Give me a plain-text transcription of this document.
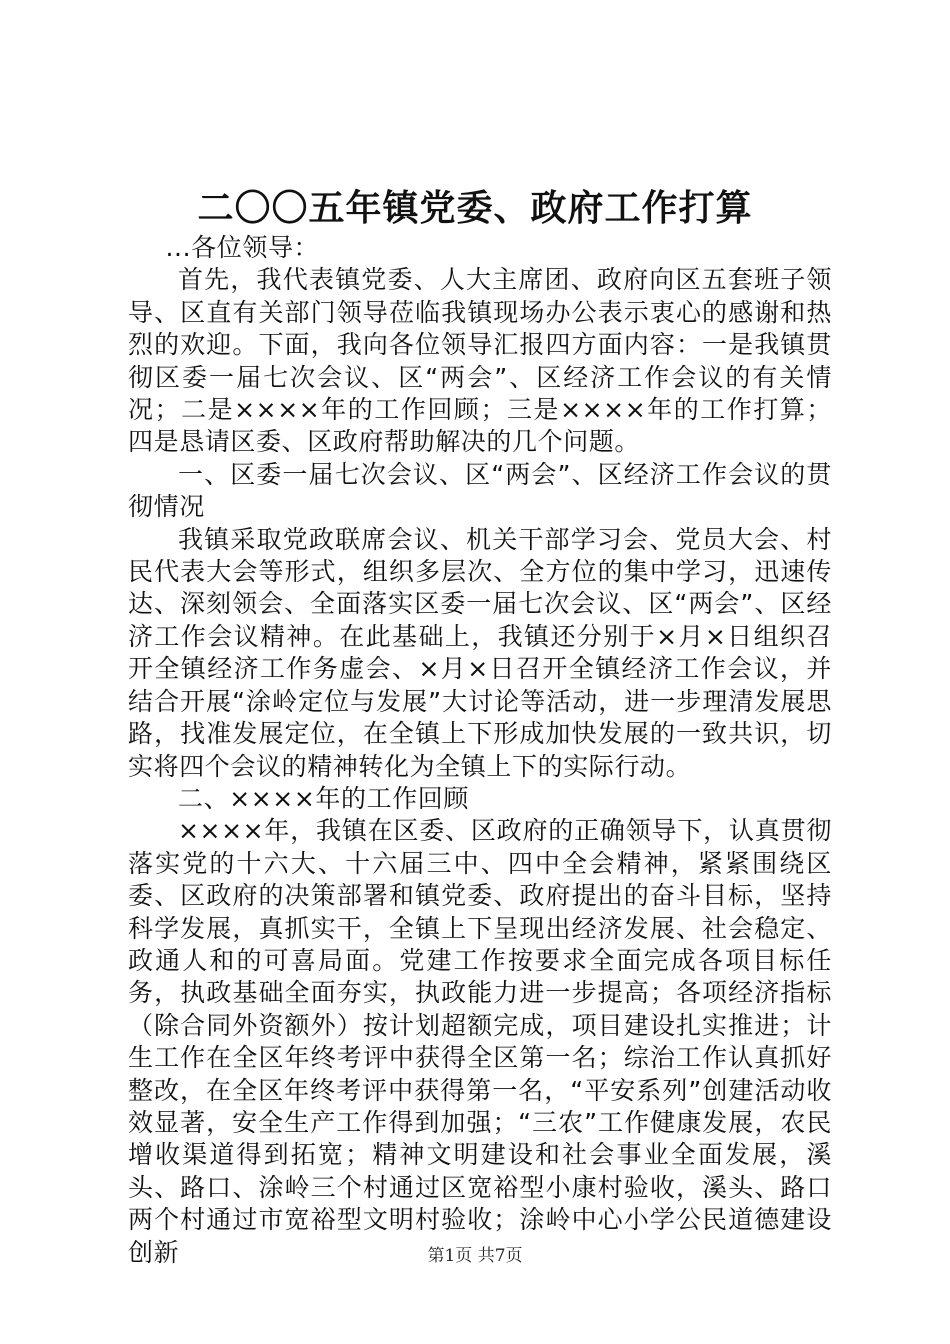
二〇〇五年镇党委、政府工作打算

...各位领导：

首先，我代表镇党委、人大主席团、政府向区五套班子领导、区直有关部门领导莅临我镇现场办公表示衷心的感谢和热烈的欢迎。下面，我向各位领导汇报四方面内容：一是我镇贯彻区委一届七次会议、区“两会”、区经济工作会议的有关情况；二是××××年的工作回顾；三是××××年的工作打算；四是恳请区委、区政府帮助解决的几个问题。

一、区委一届七次会议、区“两会”、区经济工作会议的贯彻情况

我镇采取党政联席会议、机关干部学习会、党员大会、村民代表大会等形式，组织多层次、全方位的集中学习，迅速传达、深刻领会、全面落实区委一届七次会议、区“两会”、区经济工作会议精神。在此基础上，我镇还分别于×月×日组织召开全镇经济工作务虚会、×月×日召开全镇经济工作会议，并结合开展“涂岭定位与发展”大讨论等活动，进一步理清发展思路，找准发展定位，在全镇上下形成加快发展的一致共识，切实将四个会议的精神转化为全镇上下的实际行动。

二、××××年的工作回顾

××××年，我镇在区委、区政府的正确领导下，认真贯彻落实党的十六大、十六届三中、四中全会精神，紧紧围绕区委、区政府的决策部署和镇党委、政府提出的奋斗目标，坚持科学发展，真抓实干，全镇上下呈现出经济发展、社会稳定、政通人和的可喜局面。党建工作按要求全面完成各项目标任务，执政基础全面夯实，执政能力进一步提高；各项经济指标（除合同外资额外）按计划超额完成，项目建设扎实推进；计生工作在全区年终考评中获得全区第一名；综治工作认真抓好整改，在全区年终考评中获得第一名，“平安系列”创建活动收效显著，安全生产工作得到加强；“三农”工作健康发展，农民增收渠道得到拓宽；精神文明建设和社会事业全面发展，溪头、路口、涂岭三个村通过区宽裕型小康村验收，溪头、路口两个村通过市宽裕型文明村验收；涂岭中心小学公民道德建设创新	第1页 共7页
